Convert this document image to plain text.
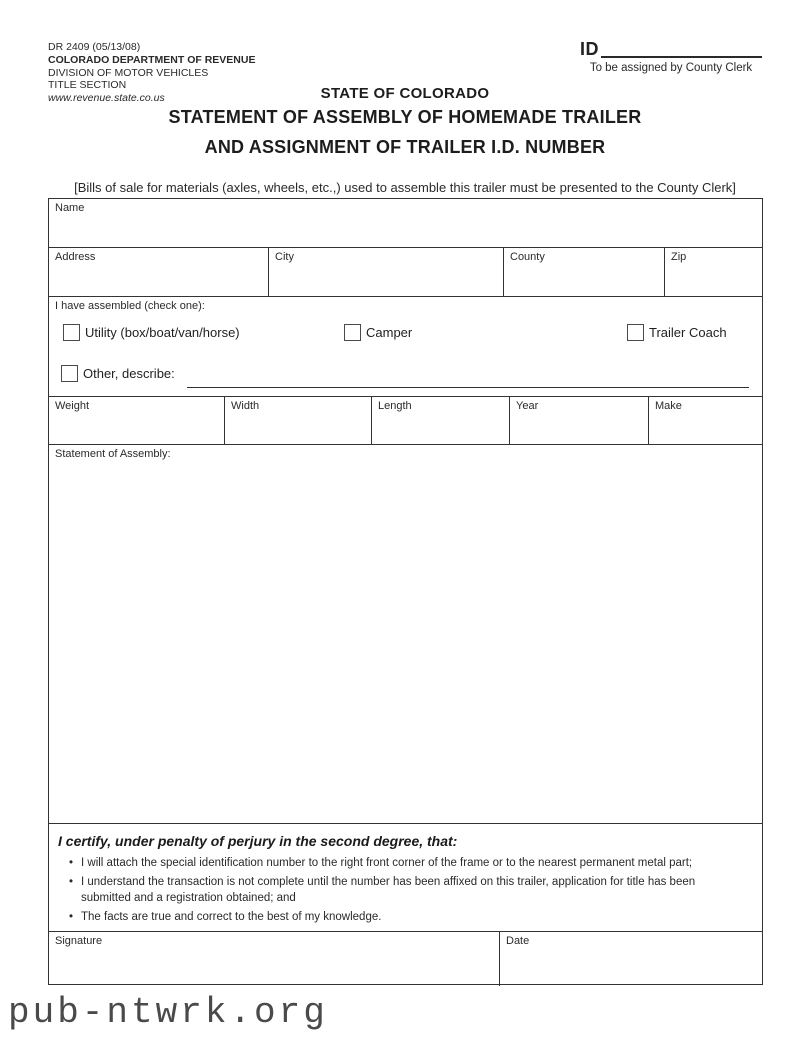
DR 2409 (05/13/08)
COLORADO DEPARTMENT OF REVENUE
DIVISION OF MOTOR VEHICLES
TITLE SECTION
www.revenue.state.co.us
ID
To be assigned by County Clerk
STATE OF COLORADO
STATEMENT OF ASSEMBLY OF HOMEMADE TRAILER
AND ASSIGNMENT OF TRAILER I.D. NUMBER
[Bills of sale for materials (axles, wheels, etc.,) used to assemble this trailer must be presented to the County Clerk]
Name
Address	City	County	Zip
I have assembled (check one):
Utility (box/boat/van/horse)	Camper	Trailer Coach
Other, describe:
Weight	Width	Length	Year	Make
Statement of Assembly:
I certify, under penalty of perjury in the second degree, that:
• I will attach the special identification number to the right front corner of the frame or to the nearest permanent metal part;
• I understand the transaction is not complete until the number has been affixed on this trailer, application for title has been submitted and a registration obtained; and
• The facts are true and correct to the best of my knowledge.
Signature	Date
pub-ntwrk.org
